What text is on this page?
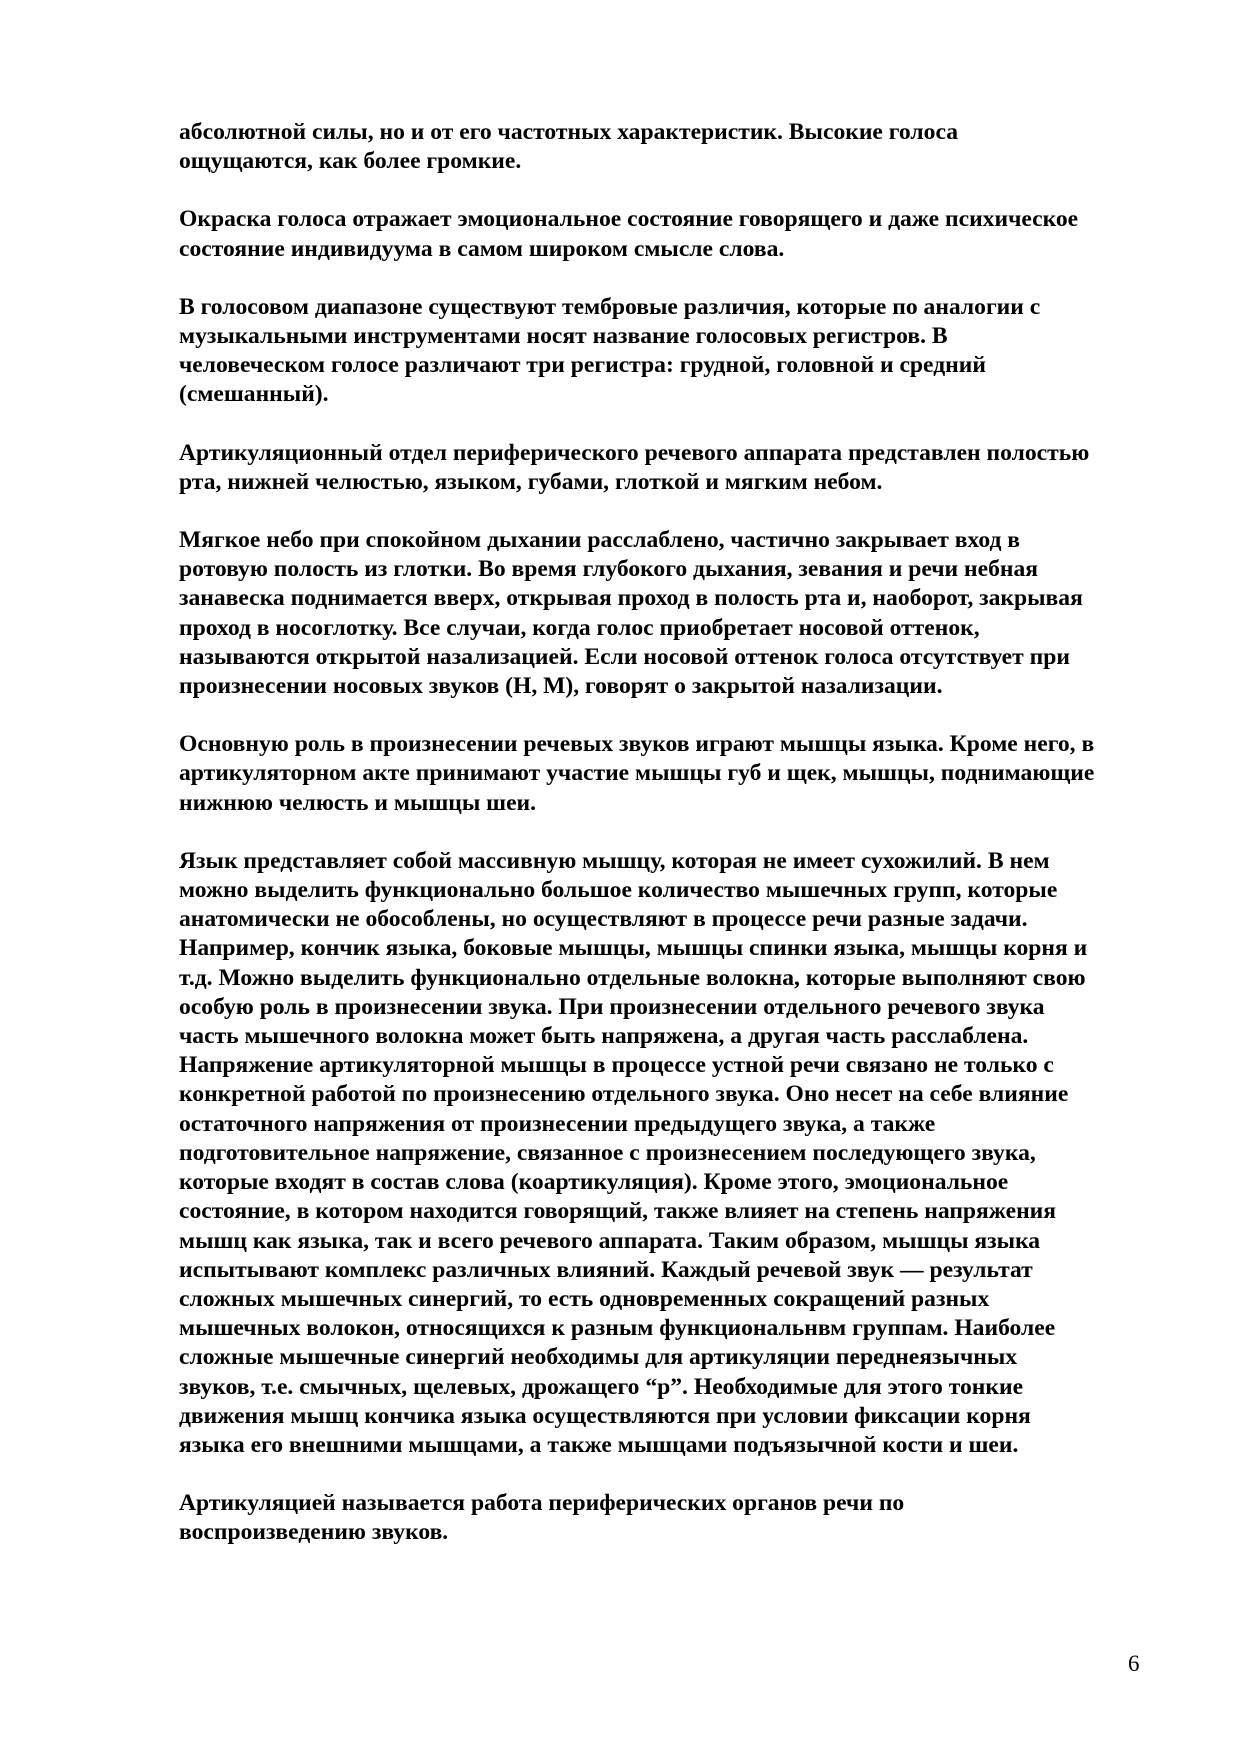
абсолютной силы, но и от его частотных характеристик. Высокие голоса
ощущаются, как более громкие.

Окраска голоса отражает эмоциональное состояние говорящего и даже психическое
состояние индивидуума в самом широком смысле слова.

В голосовом диапазоне существуют тембровые различия, которые по аналогии с
музыкальными инструментами носят название голосовых регистров. В
человеческом голосе различают три регистра: грудной, головной и средний
(смешанный).

Артикуляционный отдел периферического речевого аппарата представлен полостью
рта, нижней челюстью, языком, губами, глоткой и мягким небом.

Мягкое небо при спокойном дыхании расслаблено, частично закрывает вход в
ротовую полость из глотки. Во время глубокого дыхания, зевания и речи небная
занавеска поднимается вверх, открывая проход в полость рта и, наоборот, закрывая
проход в носоглотку. Все случаи, когда голос приобретает носовой оттенок,
называются открытой назализацией. Если носовой оттенок голоса отсутствует при
произнесении носовых звуков (Н, М), говорят о закрытой назализации.

Основную роль в произнесении речевых звуков играют мышцы языка. Кроме него, в
артикуляторном акте принимают участие мышцы губ и щек, мышцы, поднимающие
нижнюю челюсть и мышцы шеи.

Язык представляет собой массивную мышцу, которая не имеет сухожилий. В нем
можно выделить функционально большое количество мышечных групп, которые
анатомически не обособлены, но осуществляют в процессе речи разные задачи.
Например, кончик языка, боковые мышцы, мышцы спинки языка, мышцы корня и
т.д. Можно выделить функционально отдельные волокна, которые выполняют свою
особую роль в произнесении звука. При произнесении отдельного речевого звука
часть мышечного волокна может быть напряжена, а другая часть расслаблена.
Напряжение артикуляторной мышцы в процессе устной речи связано не только с
конкретной работой по произнесению отдельного звука. Оно несет на себе влияние
остаточного напряжения от произнесении предыдущего звука, а также
подготовительное напряжение, связанное с произнесением последующего звука,
которые входят в состав слова (коартикуляция). Кроме этого, эмоциональное
состояние, в котором находится говорящий, также влияет на степень напряжения
мышц как языка, так и всего речевого аппарата. Таким образом, мышцы языка
испытывают комплекс различных влияний. Каждый речевой звук — результат
сложных мышечных синергий, то есть одновременных сокращений разных
мышечных волокон, относящихся к разным функциональнвм группам. Наиболее
сложные мышечные синергий необходимы для артикуляции переднеязычных
звуков, т.е. смычных, щелевых, дрожащего “р”. Необходимые для этого тонкие
движения мышц кончика языка осуществляются при условии фиксации корня
языка его внешними мышцами, а также мышцами подъязычной кости и шеи.

Артикуляцией называется работа периферических органов речи по
воспроизведению звуков.

6
